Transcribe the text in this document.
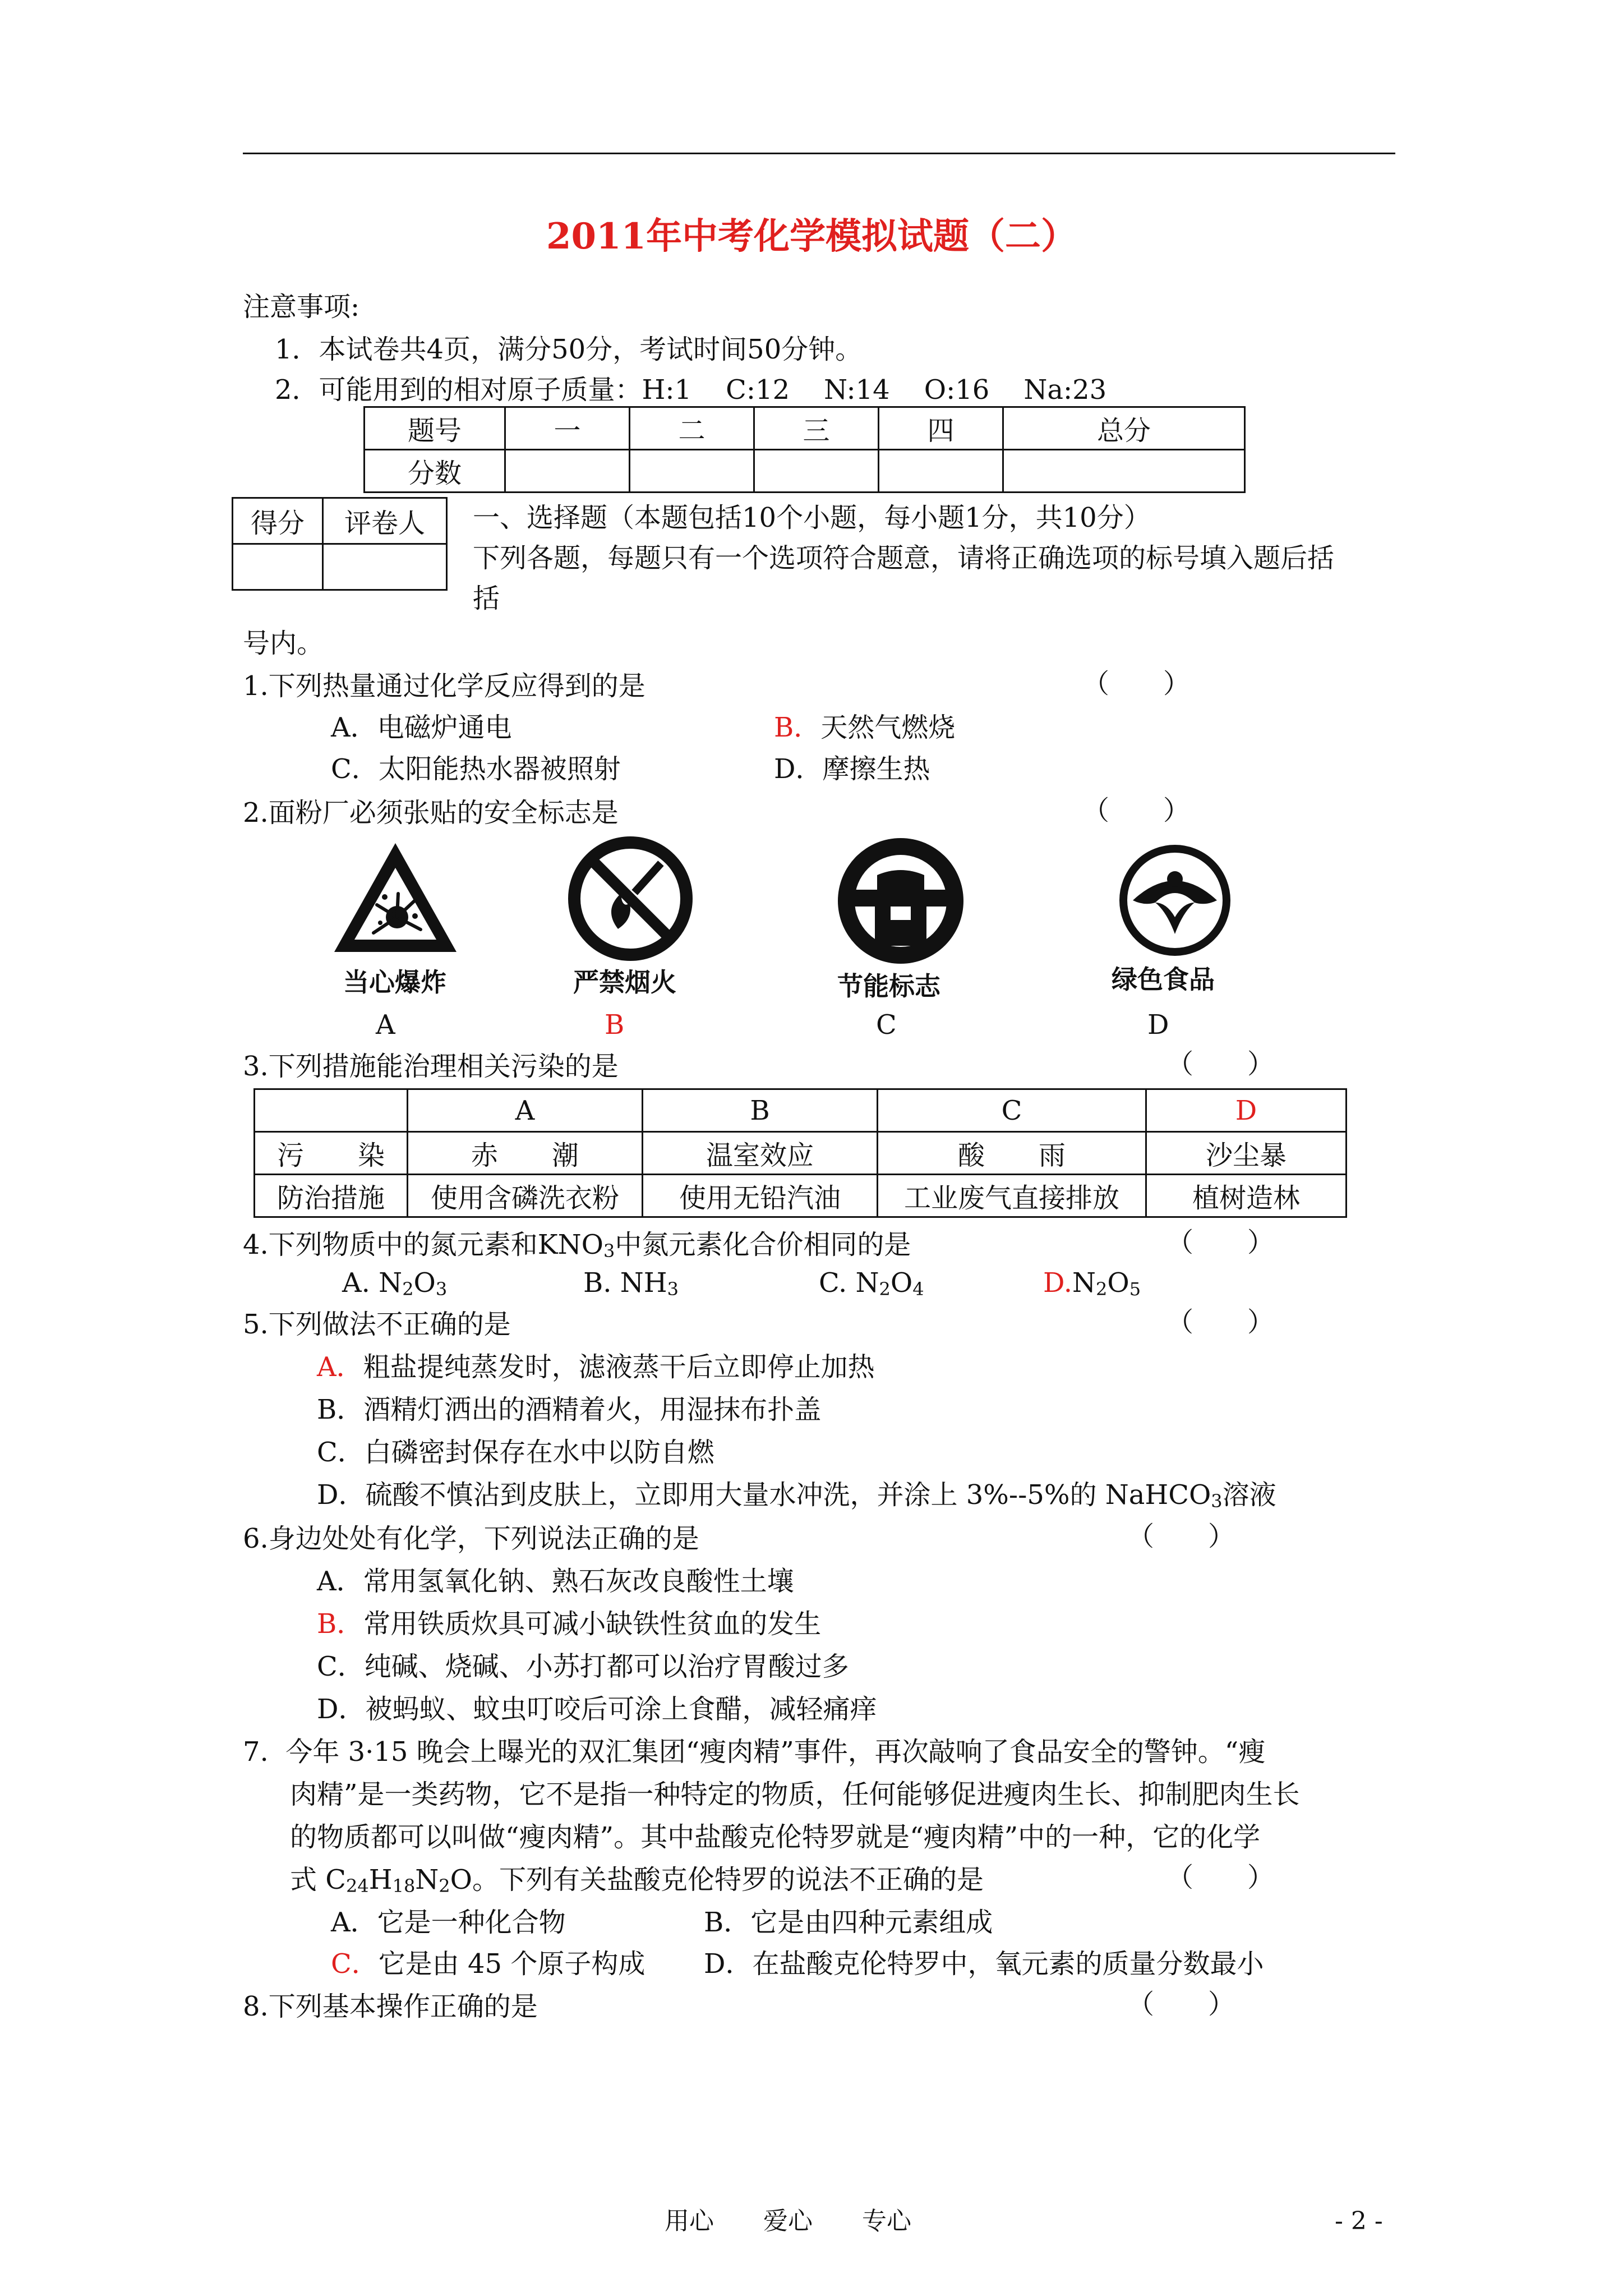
2011年中考化学模拟试题（二）
注意事项:
1．本试卷共4页，满分50分，考试时间50分钟。
2．可能用到的相对原子质量：H:1    C:12    N:14    O:16    Na:23
题号	一	二	三	四	总分
分数					
得分	评卷人
	一、选择题（本题包括10个小题，每小题1分，共10分）
下列各题，每题只有一个选项符合题意，请将正确选项的标号填入题后括
括
号内。
1.下列热量通过化学反应得到的是	（　　）
A．电磁炉通电	B．天然气燃烧
C．太阳能热水器被照射	D．摩擦生热
2.面粉厂必须张贴的安全标志是	（　　）
当心爆炸
A
严禁烟火
B
节能标志
C
绿色食品
D
3.下列措施能治理相关污染的是	（　　）
	A	B	C	D
污　　染	赤　　潮	温室效应	酸　　雨	沙尘暴
防治措施	使用含磷洗衣粉	使用无铅汽油	工业废气直接排放	植树造林
4.下列物质中的氮元素和$KNO_3$中氮元素化合价相同的是	（　　）
A. $N_2O_3$	B. $NH_3$	C. $N_2O_4$	$D.N_2O_5$
5.下列做法不正确的是	（　　）
A．粗盐提纯蒸发时，滤液蒸干后立即停止加热
B．酒精灯洒出的酒精着火，用湿抹布扑盖
C．白磷密封保存在水中以防自燃
D．硫酸不慎沾到皮肤上，立即用大量水冲洗，并涂上 3%--5%的 NaHCO$_3$溶液
6.身边处处有化学，下列说法正确的是	（　　）
A．常用氢氧化钠、熟石灰改良酸性土壤
B．常用铁质炊具可减小缺铁性贫血的发生
C．纯碱、烧碱、小苏打都可以治疗胃酸过多
D．被蚂蚁、蚊虫叮咬后可涂上食醋，减轻痛痒
7.  今年 3·15 晚会上曝光的双汇集团“瘦肉精”事件，再次敲响了食品安全的警钟。“瘦
肉精”是一类药物，它不是指一种特定的物质，任何能够促进瘦肉生长、抑制肥肉生长
的物质都可以叫做“瘦肉精”。其中盐酸克伦特罗就是“瘦肉精”中的一种，它的化学
式 $C_{24}H_{18}N_2O$。下列有关盐酸克伦特罗的说法不正确的是	（　　）
A．它是一种化合物	B．它是由四种元素组成
C．它是由 45 个原子构成 D．在盐酸克伦特罗中，氧元素的质量分数最小
8.下列基本操作正确的是	（　　）
用心　　爱心　　专心	- 2 -
